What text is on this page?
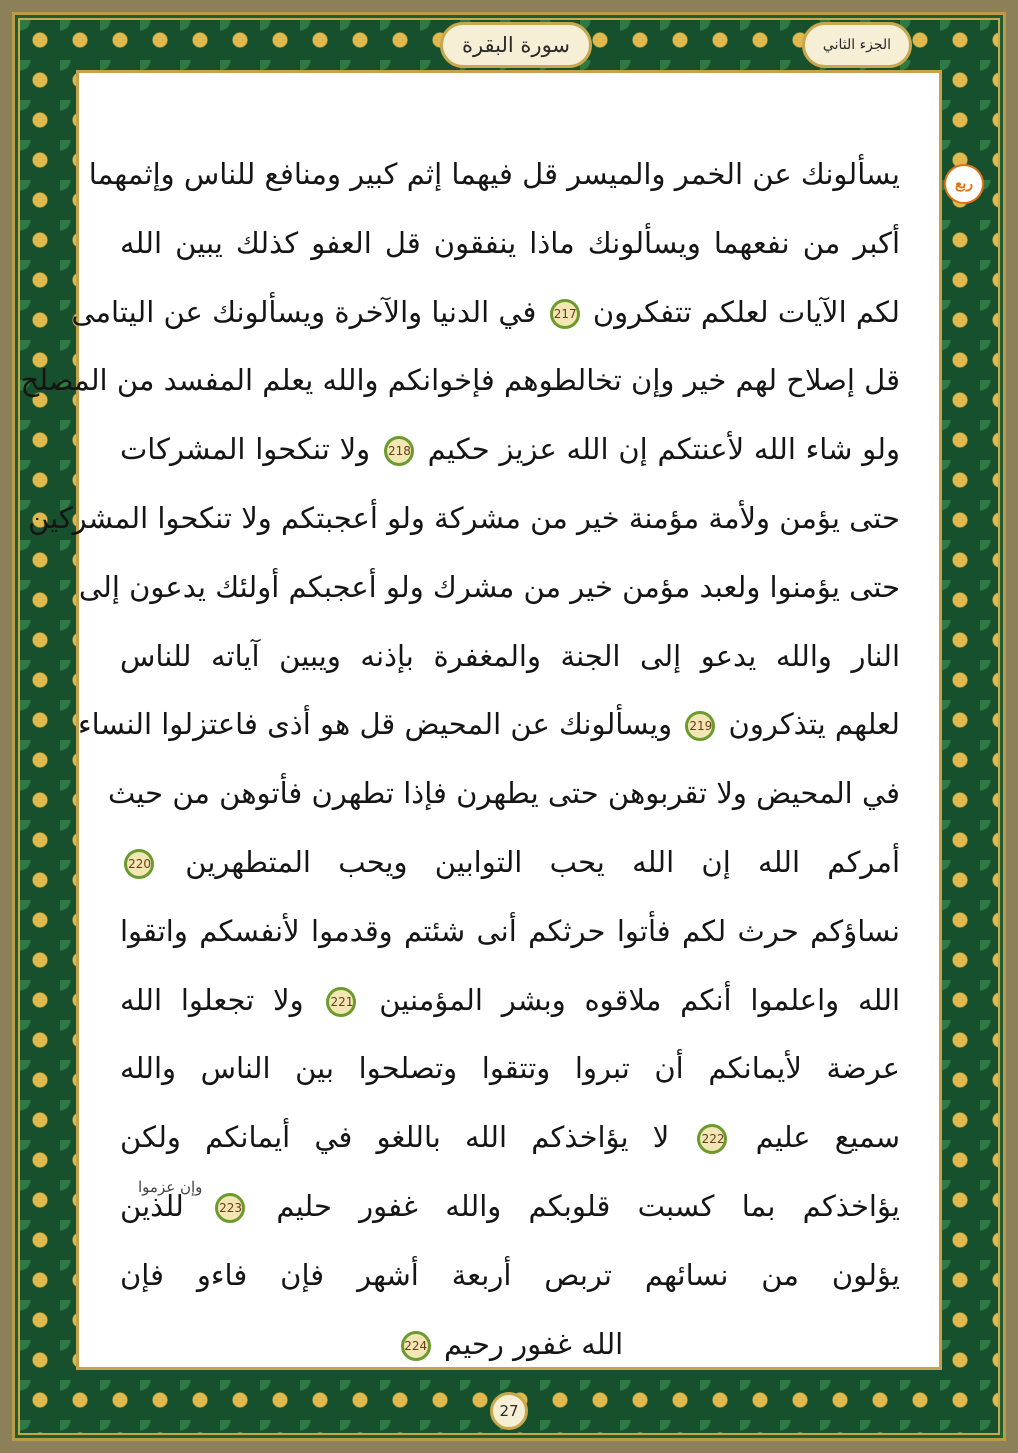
سورة البقرة	الجزء الثاني
ربع
يسألونك عن الخمر والميسر قل فيهما إثم كبير ومنافع للناس وإثمهما
أكبر من نفعهما ويسألونك ماذا ينفقون قل العفو كذلك يبين الله
لكم الآيات لعلكم تتفكرون 217 في الدنيا والآخرة ويسألونك عن اليتامى
قل إصلاح لهم خير وإن تخالطوهم فإخوانكم والله يعلم المفسد من المصلح
ولو شاء الله لأعنتكم إن الله عزيز حكيم 218 ولا تنكحوا المشركات
حتى يؤمن ولأمة مؤمنة خير من مشركة ولو أعجبتكم ولا تنكحوا المشركين
حتى يؤمنوا ولعبد مؤمن خير من مشرك ولو أعجبكم أولئك يدعون إلى
النار والله يدعو إلى الجنة والمغفرة بإذنه ويبين آياته للناس
لعلهم يتذكرون 219 ويسألونك عن المحيض قل هو أذى فاعتزلوا النساء
في المحيض ولا تقربوهن حتى يطهرن فإذا تطهرن فأتوهن من حيث
أمركم الله إن الله يحب التوابين ويحب المتطهرين 220
نساؤكم حرث لكم فأتوا حرثكم أنى شئتم وقدموا لأنفسكم واتقوا
الله واعلموا أنكم ملاقوه وبشر المؤمنين 221 ولا تجعلوا الله
عرضة لأيمانكم أن تبروا وتتقوا وتصلحوا بين الناس والله
سميع عليم 222 لا يؤاخذكم الله باللغو في أيمانكم ولكن
يؤاخذكم بما كسبت قلوبكم والله غفور حليم 223 للذين
يؤلون من نسائهم تربص أربعة أشهر فإن فاءو فإن
الله غفور رحيم 224
وإن عزموا
27
